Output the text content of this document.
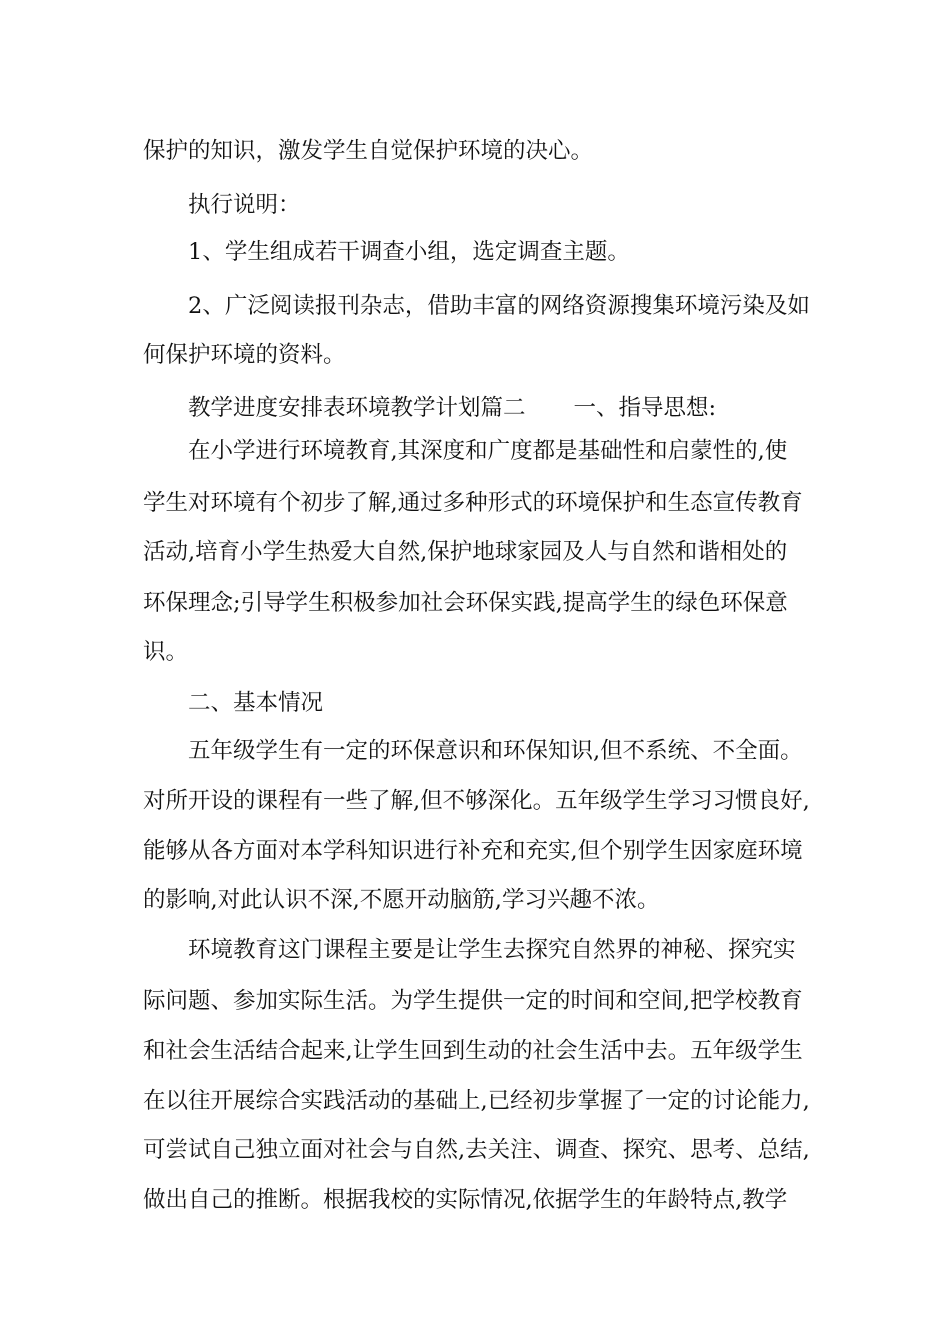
保护的知识，激发学生自觉保护环境的决心。
执行说明：
1、学生组成若干调查小组，选定调查主题。
2、广泛阅读报刊杂志，借助丰富的网络资源搜集环境污染及如
何保护环境的资料。
教学进度安排表环境教学计划篇二 一、指导思想:
在小学进行环境教育,其深度和广度都是基础性和启蒙性的,使
学生对环境有个初步了解,通过多种形式的环境保护和生态宣传教育
活动,培育小学生热爱大自然,保护地球家园及人与自然和谐相处的
环保理念;引导学生积极参加社会环保实践,提高学生的绿色环保意
识。
二、基本情况
五年级学生有一定的环保意识和环保知识,但不系统、不全面。
对所开设的课程有一些了解,但不够深化。五年级学生学习习惯良好,
能够从各方面对本学科知识进行补充和充实,但个别学生因家庭环境
的影响,对此认识不深,不愿开动脑筋,学习兴趣不浓。
环境教育这门课程主要是让学生去探究自然界的神秘、探究实
际问题、参加实际生活。为学生提供一定的时间和空间,把学校教育
和社会生活结合起来,让学生回到生动的社会生活中去。五年级学生
在以往开展综合实践活动的基础上,已经初步掌握了一定的讨论能力,
可尝试自己独立面对社会与自然,去关注、调查、探究、思考、总结,
做出自己的推断。根据我校的实际情况,依据学生的年龄特点,教学
